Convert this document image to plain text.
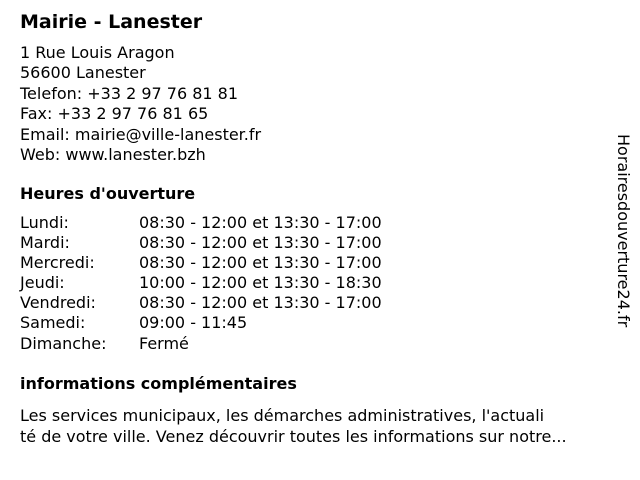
Mairie - Lanester
1 Rue Louis Aragon
56600 Lanester
Telefon: +33 2 97 76 81 81
Fax: +33 2 97 76 81 65
Email: mairie@ville-lanester.fr
Web: www.lanester.bzh
Heures d'ouverture
Lundi:	08:30 - 12:00 et 13:30 - 17:00
Mardi:	08:30 - 12:00 et 13:30 - 17:00
Mercredi:	08:30 - 12:00 et 13:30 - 17:00
Jeudi:	10:00 - 12:00 et 13:30 - 18:30
Vendredi:	08:30 - 12:00 et 13:30 - 17:00
Samedi:	09:00 - 11:45
Dimanche:	Fermé
informations complémentaires
Les services municipaux, les démarches administratives, l'actuali
té de votre ville. Venez découvrir toutes les informations sur notre...
Horairesdouverture24.fr
